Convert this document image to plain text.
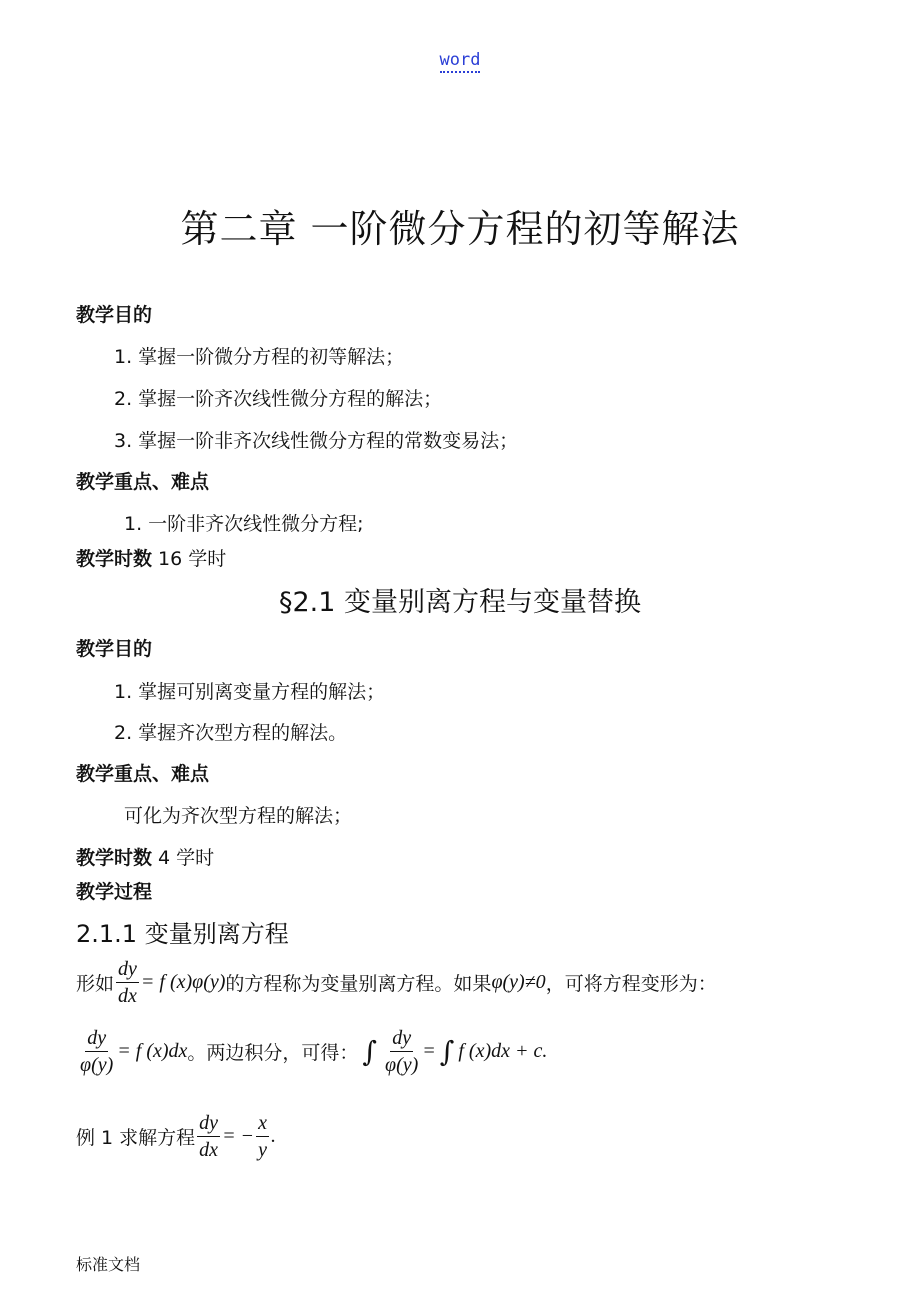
word
第二章 一阶微分方程的初等解法
教学目的
1. 掌握一阶微分方程的初等解法；
2. 掌握一阶齐次线性微分方程的解法；
3. 掌握一阶非齐次线性微分方程的常数变易法；
教学重点、难点
1. 一阶非齐次线性微分方程;
教学时数 16 学时
§2.1 变量别离方程与变量替换
教学目的
1. 掌握可别离变量方程的解法；
2. 掌握齐次型方程的解法。
教学重点、难点
可化为齐次型方程的解法；
教学时数 4 学时
教学过程
2.1.1 变量别离方程
形如 $\frac{dy}{dx} = f$ (x)φ(y) 的方程称为变量别离方程。如果 φ(y)≠0 ，可将方程变形为：
$\frac{dy}{\varphi(y)} = f$ (x)dx 。两边积分，可得： ∫ $\frac{dy}{\varphi(y)}$ = ∫ f (x)dx + c.
例 1 求解方程 $\frac{dy}{dx}$ = − $\frac{x}{y}$ .
标准文档
